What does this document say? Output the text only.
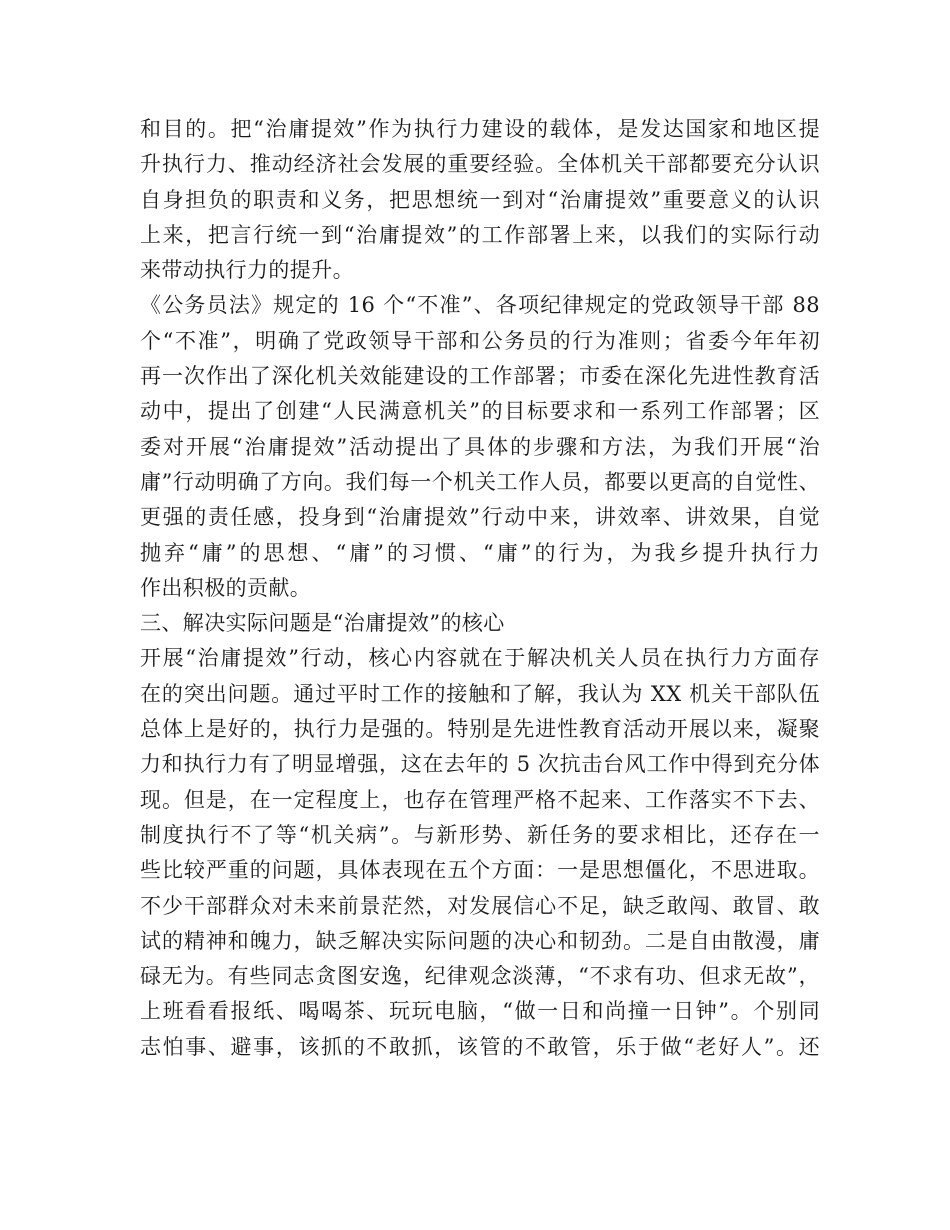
和目的。把“治庸提效”作为执行力建设的载体，是发达国家和地区提
升执行力、推动经济社会发展的重要经验。全体机关干部都要充分认识
自身担负的职责和义务，把思想统一到对“治庸提效”重要意义的认识
上来，把言行统一到“治庸提效”的工作部署上来，以我们的实际行动
来带动执行力的提升。
《公务员法》规定的 16 个“不准”、各项纪律规定的党政领导干部 88
个“不准”，明确了党政领导干部和公务员的行为准则；省委今年年初
再一次作出了深化机关效能建设的工作部署；市委在深化先进性教育活
动中，提出了创建“人民满意机关”的目标要求和一系列工作部署；区
委对开展“治庸提效”活动提出了具体的步骤和方法，为我们开展“治
庸”行动明确了方向。我们每一个机关工作人员，都要以更高的自觉性、
更强的责任感，投身到“治庸提效”行动中来，讲效率、讲效果，自觉
抛弃“庸”的思想、“庸”的习惯、“庸”的行为，为我乡提升执行力
作出积极的贡献。
三、解决实际问题是“治庸提效”的核心
开展“治庸提效”行动，核心内容就在于解决机关人员在执行力方面存
在的突出问题。通过平时工作的接触和了解，我认为 XX 机关干部队伍
总体上是好的，执行力是强的。特别是先进性教育活动开展以来，凝聚
力和执行力有了明显增强，这在去年的 5 次抗击台风工作中得到充分体
现。但是，在一定程度上，也存在管理严格不起来、工作落实不下去、
制度执行不了等“机关病”。与新形势、新任务的要求相比，还存在一
些比较严重的问题，具体表现在五个方面：一是思想僵化，不思进取。
不少干部群众对未来前景茫然，对发展信心不足，缺乏敢闯、敢冒、敢
试的精神和魄力，缺乏解决实际问题的决心和韧劲。二是自由散漫，庸
碌无为。有些同志贪图安逸，纪律观念淡薄，“不求有功、但求无故”，
上班看看报纸、喝喝茶、玩玩电脑，“做一日和尚撞一日钟”。个别同
志怕事、避事，该抓的不敢抓，该管的不敢管，乐于做“老好人”。还
